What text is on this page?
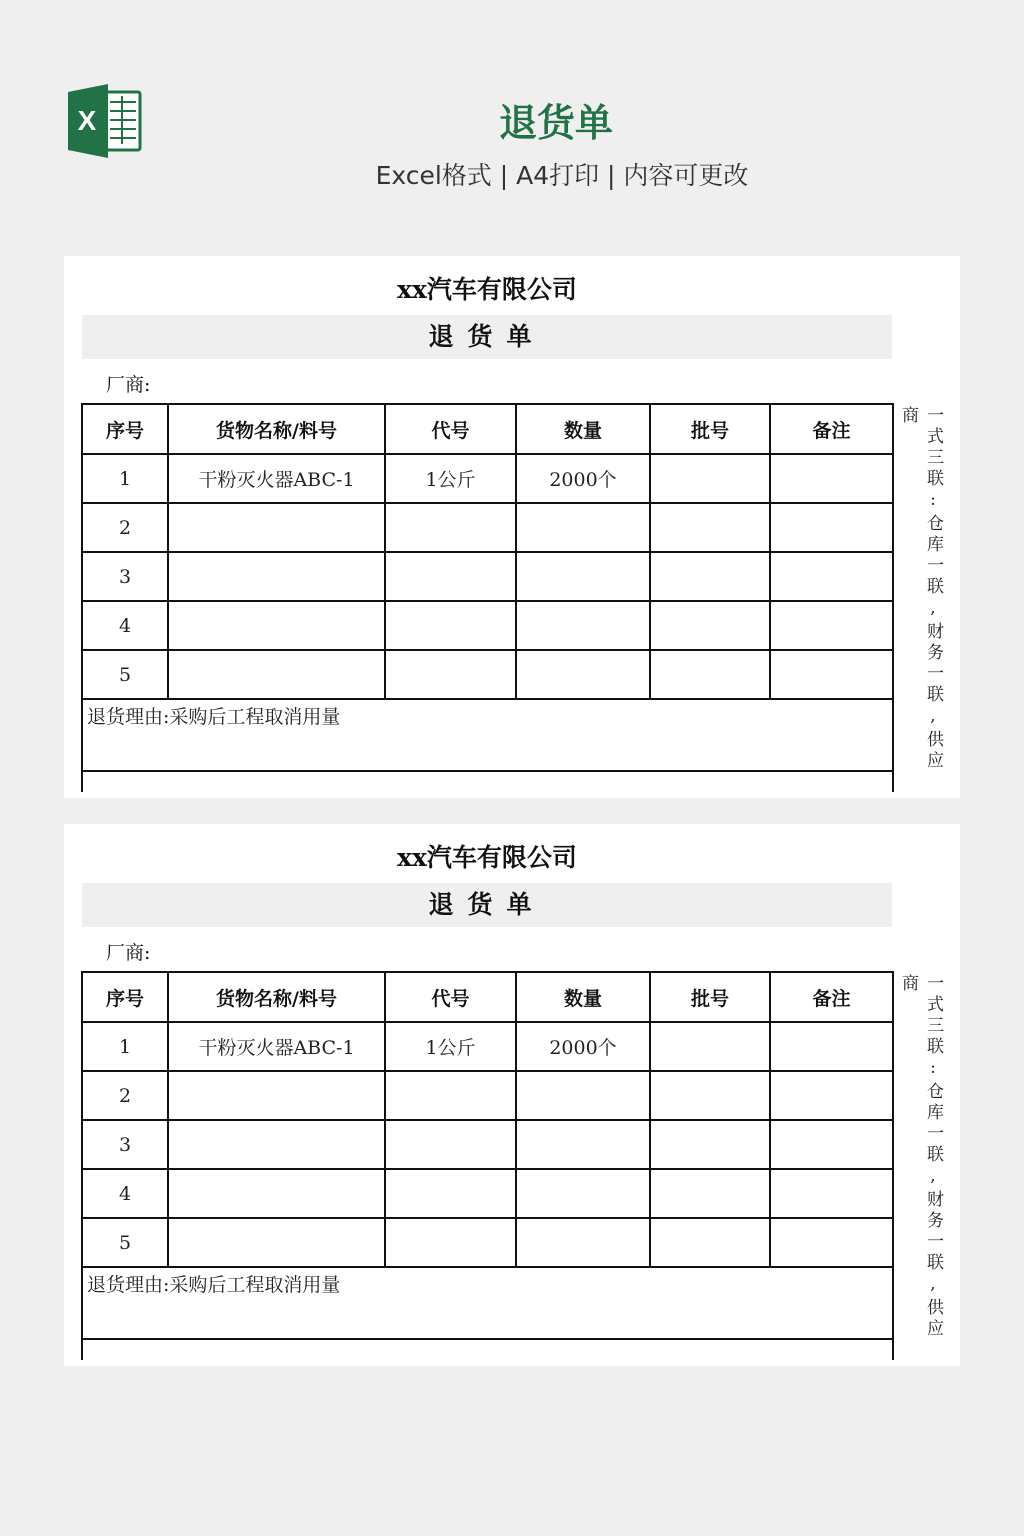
X	退货单
Excel格式 | A4打印 | 内容可更改
xx汽车有限公司
退货单
厂商:
序号	货物名称/料号	代号	数量	批号	备注
1	干粉灭火器ABC-1	1公斤	2000个		
2					
3					
4					
5					
退货理由:采购后工程取消用量						一式三联:仓库一联,财务一联,供应商
xx汽车有限公司
退货单
厂商:
序号	货物名称/料号	代号	数量	批号	备注
1	干粉灭火器ABC-1	1公斤	2000个		
2					
3					
4					
5					
退货理由:采购后工程取消用量						一式三联:仓库一联,财务一联,供应商
